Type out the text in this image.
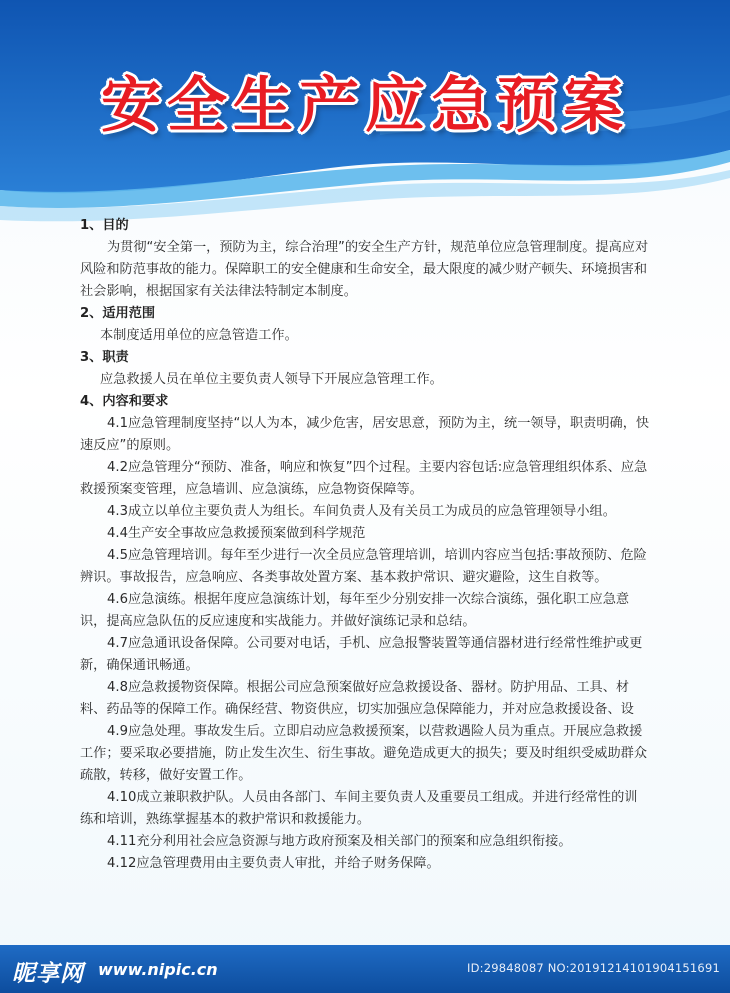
安全生产应急预案

1、目的

为贯彻“安全第一，预防为主，综合治理”的安全生产方针，规范单位应急管理制度。提高应对风险和防范事故的能力。保障职工的安全健康和生命安全，最大限度的减少财产顿失、环境损害和社会影响，根据国家有关法律法特制定本制度。

2、适用范围

本制度适用单位的应急管造工作。

3、职责

应急救援人员在单位主要负责人领导下开展应急管理工作。

4、内容和要求

4.1应急管理制度坚持“以人为本，减少危害，居安思意，预防为主，统一领导，职责明确，快速反应”的原则。

4.2应急管理分“预防、准备，响应和恢复”四个过程。主要内容包话:应急管理组织体系、应急救援预案变管理，应急墙训、应急演练，应急物资保障等。

4.3成立以单位主要负责人为组长。车间负责人及有关员工为成员的应急管理领导小组。

4.4生产安全事故应急救援预案做到科学规范

4.5应急管理培训。每年至少进行一次全员应急管理培训，培训内容应当包括:事故预防、危险辨识。事故报告，应急响应、各类事故处置方案、基本救护常识、避灾避险，这生自救等。

4.6应急演练。根据年度应急演练计划，每年至少分别安排一次综合演练，强化职工应急意识，提高应急队伍的反应速度和实战能力。并做好演练记录和总结。

4.7应急通讯设备保障。公司要对电话，手机、应急报警装置等通信器材进行经常性维护或更新，确保通讯畅通。

4.8应急救援物资保障。根据公司应急预案做好应急救援设备、器材。防护用品、工具、材料、药品等的保障工作。确保经营、物资供应，切实加强应急保障能力，并对应急救援设备、设

4.9应急处理。事故发生后。立即启动应急救援预案，以营救遇险人员为重点。开展应急救援工作；要采取必要措施，防止发生次生、衍生事故。避免造成更大的损失；要及时组织受威助群众疏散，转移，做好安置工作。

4.10成立兼职救护队。人员由各部门、车间主要负责人及重要员工组成。并进行经常性的训练和培训，熟练掌握基本的救护常识和救援能力。

4.11充分利用社会应急资源与地方政府预案及相关部门的预案和应急组织衔接。

4.12应急管理费用由主要负责人审批，并给子财务保障。

昵享网 www.nipic.cn	ID:29848087 NO:20191214101904151691
